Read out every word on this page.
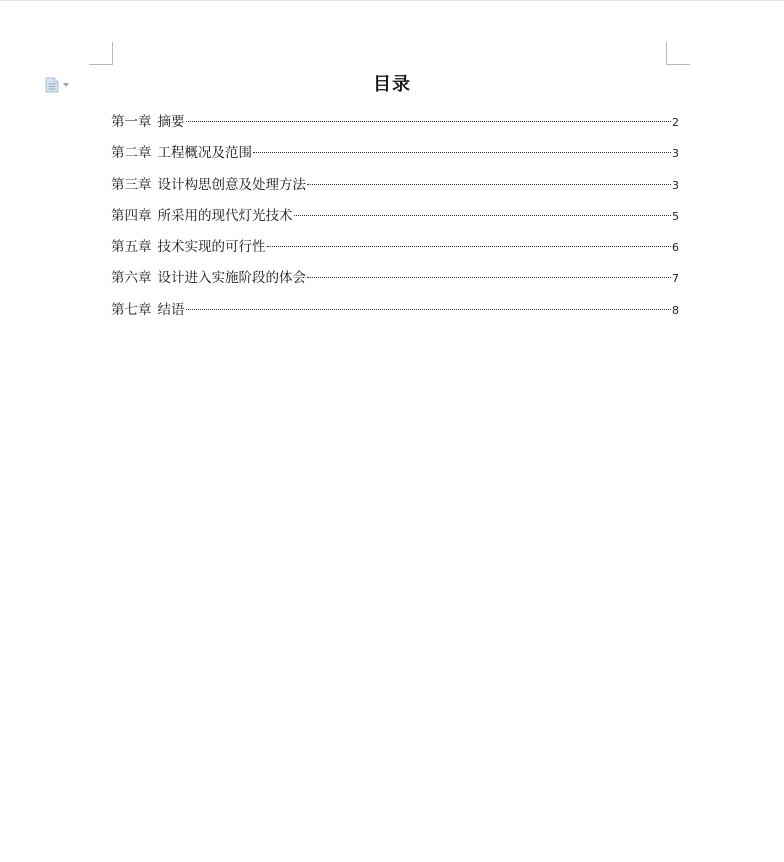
目录
第一章 摘要	2
第二章 工程概况及范围	3
第三章 设计构思创意及处理方法	3
第四章 所采用的现代灯光技术	5
第五章 技术实现的可行性	6
第六章 设计进入实施阶段的体会	7
第七章 结语	8
